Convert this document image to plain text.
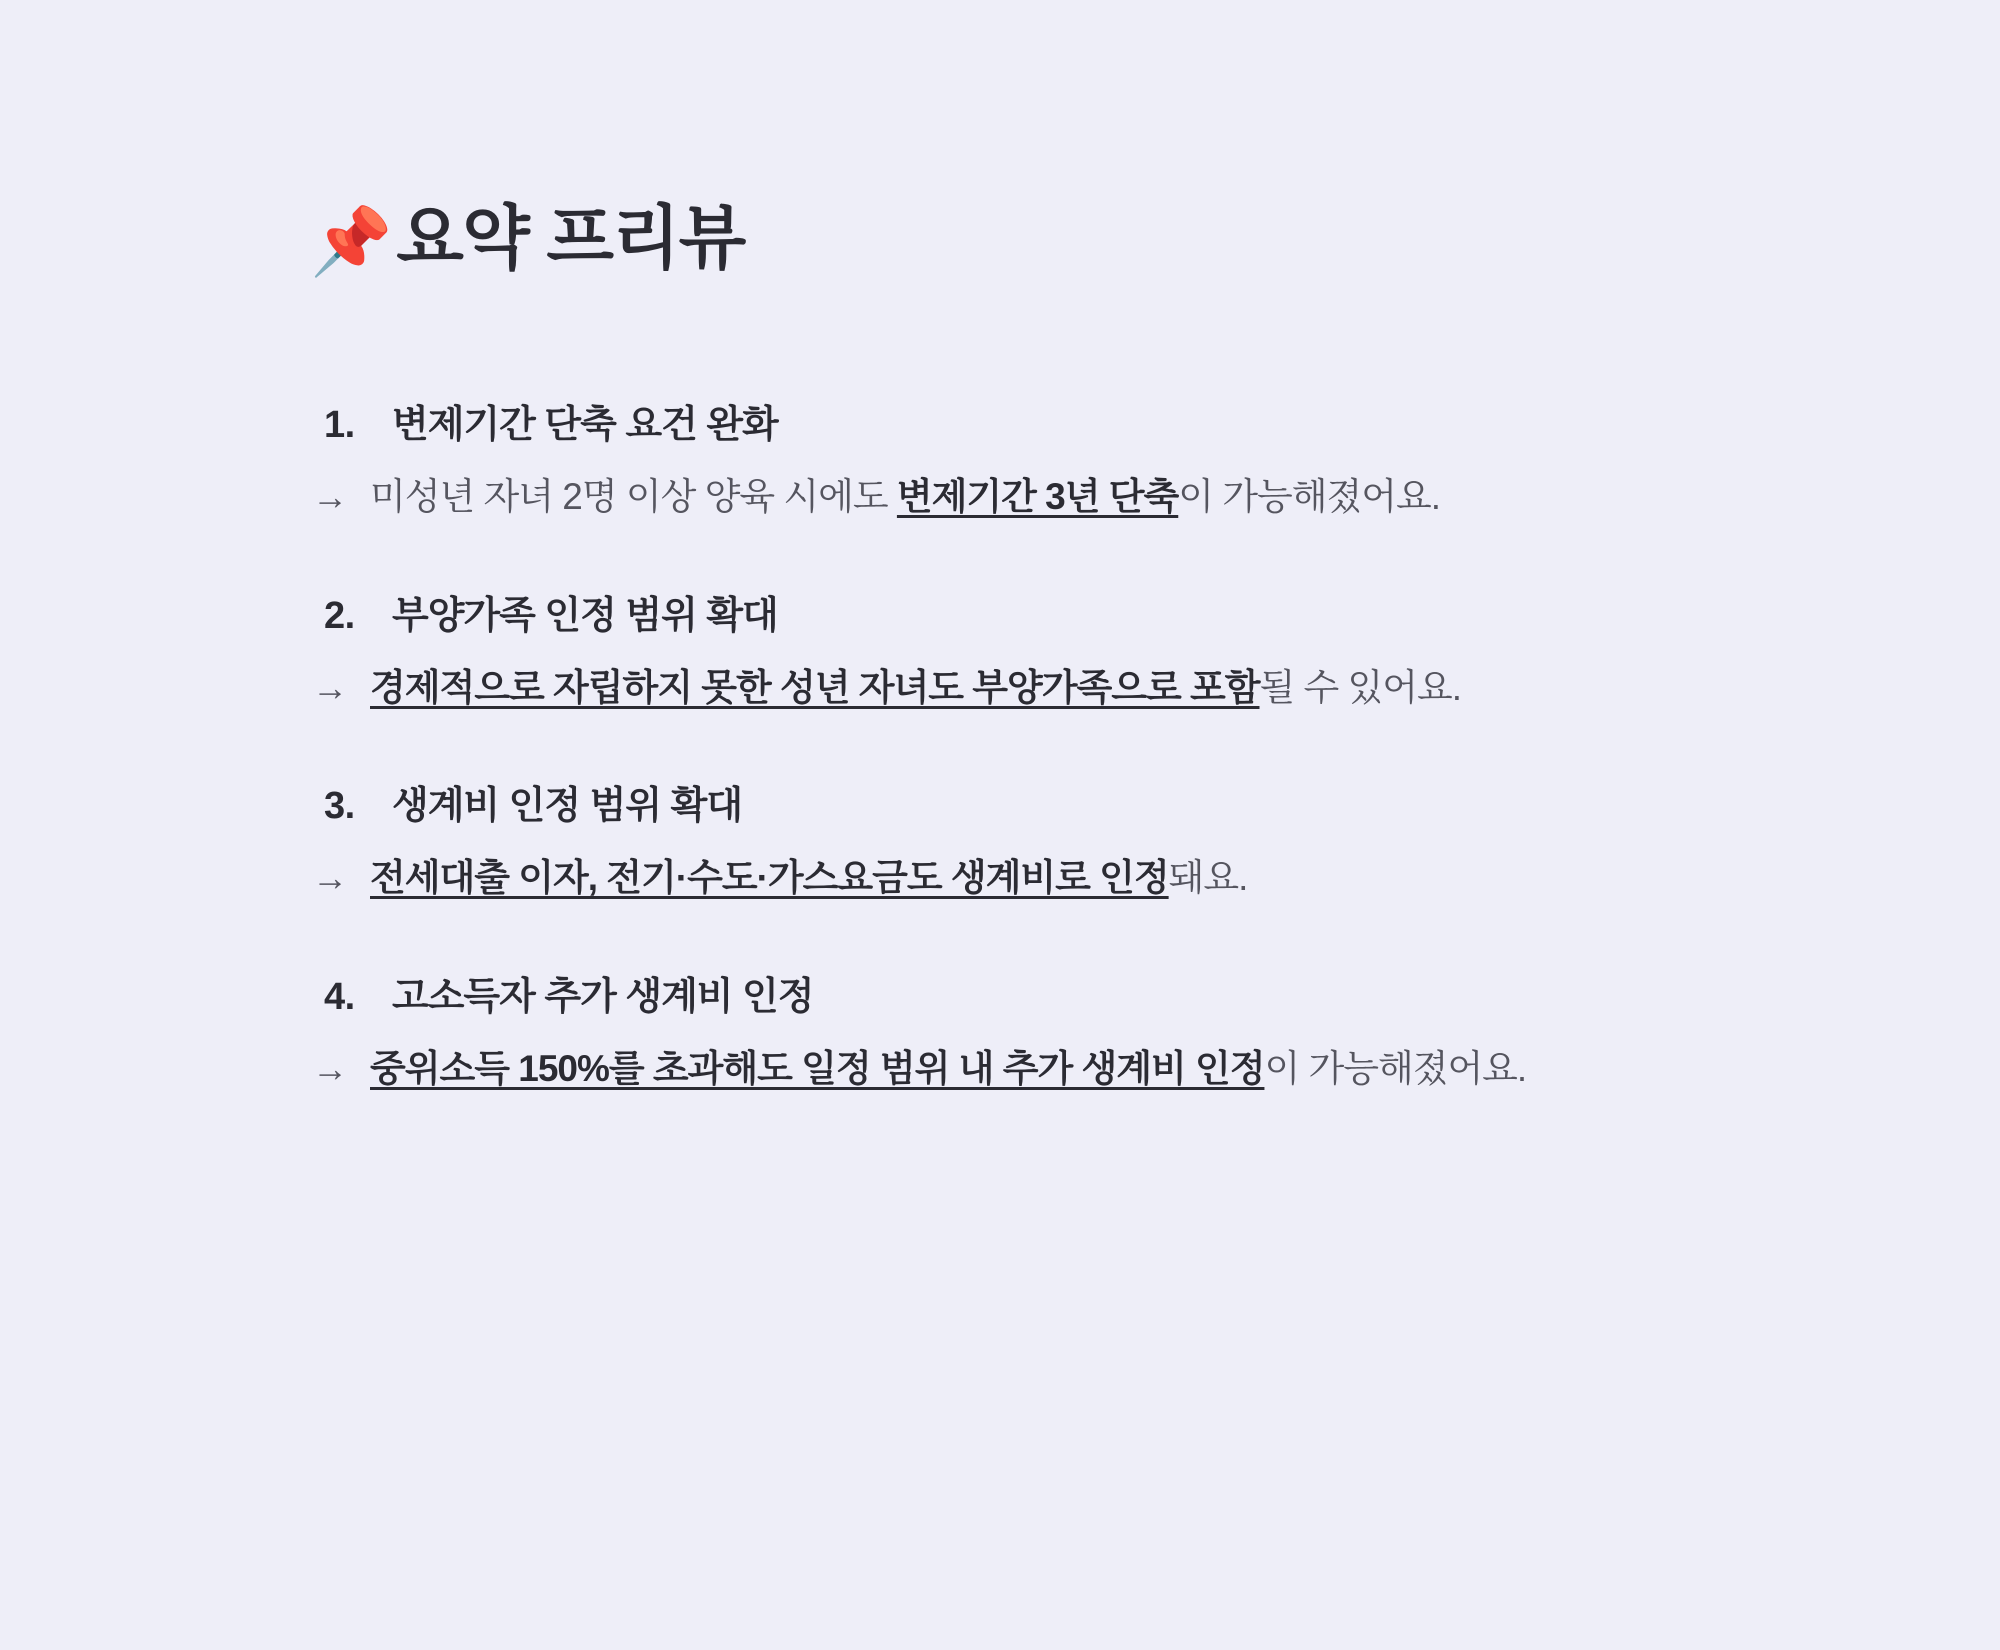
📌 요약 프리뷰
1. 변제기간 단축 요건 완화
→ 미성년 자녀 2명 이상 양육 시에도 변제기간 3년 단축이 가능해졌어요.
2. 부양가족 인정 범위 확대
→ 경제적으로 자립하지 못한 성년 자녀도 부양가족으로 포함될 수 있어요.
3. 생계비 인정 범위 확대
→ 전세대출 이자, 전기·수도·가스요금도 생계비로 인정돼요.
4. 고소득자 추가 생계비 인정
→ 중위소득 150%를 초과해도 일정 범위 내 추가 생계비 인정이 가능해졌어요.
